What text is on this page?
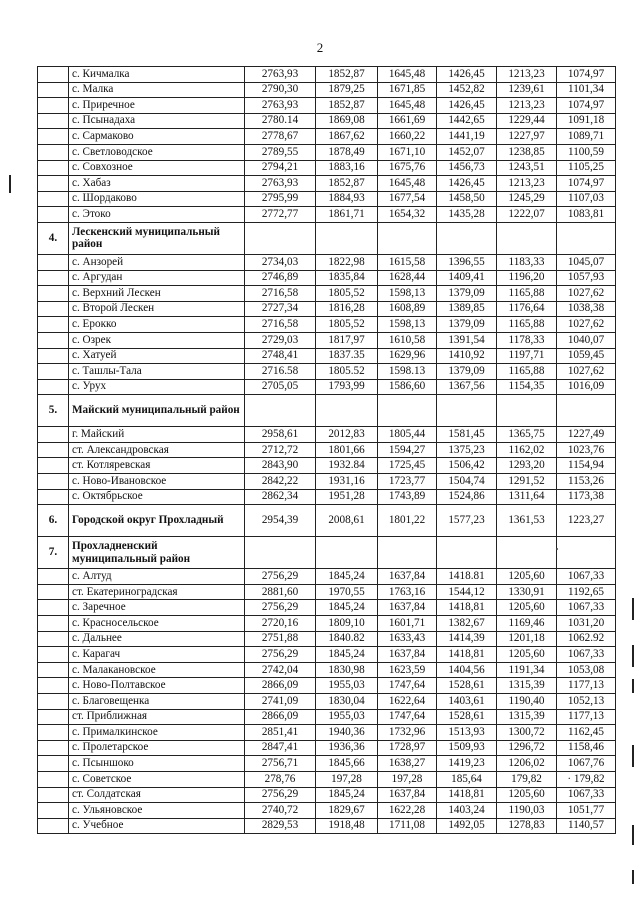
2
	с. Кичмалка	2763,93	1852,87	1645,48	1426,45	1213,23	1074,97
	с. Малка	2790,30	1879,25	1671,85	1452,82	1239,61	1101,34
	с. Приречное	2763,93	1852,87	1645,48	1426,45	1213,23	1074,97
	с. Псынадаха	2780.14	1869,08	1661,69	1442,65	1229,44	1091,18
	с. Сармаково	2778,67	1867,62	1660,22	1441,19	1227,97	1089,71
	с. Светловодское	2789,55	1878,49	1671,10	1452,07	1238,85	1100,59
	с. Совхозное	2794,21	1883,16	1675,76	1456,73	1243,51	1105,25
	с. Хабаз	2763,93	1852,87	1645,48	1426,45	1213,23	1074,97
	с. Шордаково	2795,99	1884,93	1677,54	1458,50	1245,29	1107,03
	с. Этоко	2772,77	1861,71	1654,32	1435,28	1222,07	1083,81
4.	Лескенский муниципальный район						
	с. Анзорей	2734,03	1822,98	1615,58	1396,55	1183,33	1045,07
	с. Аргудан	2746,89	1835,84	1628,44	1409,41	1196,20	1057,93
	с. Верхний Лескен	2716,58	1805,52	1598,13	1379,09	1165,88	1027,62
	с. Второй Лескен	2727,34	1816,28	1608,89	1389,85	1176,64	1038,38
	с. Ерокко	2716,58	1805,52	1598,13	1379,09	1165,88	1027,62
	с. Озрек	2729,03	1817,97	1610,58	1391,54	1178,33	1040,07
	с. Хатуей	2748,41	1837.35	1629,96	1410,92	1197,71	1059,45
	с. Ташлы-Тала	2716.58	1805.52	1598.13	1379,09	1165,88	1027,62
	с. Урух	2705,05	1793,99	1586,60	1367,56	1154,35	1016,09
5.	Майский муниципальный район						
	г. Майский	2958,61	2012,83	1805,44	1581,45	1365,75	1227,49
	ст. Александровская	2712,72	1801,66	1594,27	1375,23	1162,02	1023,76
	ст. Котляревская	2843,90	1932.84	1725,45	1506,42	1293,20	1154,94
	с. Ново-Ивановское	2842,22	1931,16	1723,77	1504,74	1291,52	1153,26
	с. Октябрьское	2862,34	1951,28	1743,89	1524,86	1311,64	1173,38
6.	Городской округ Прохладный	2954,39	2008,61	1801,22	1577,23	1361,53	1223,27
7.	Прохладненский муниципальный район						
	с. Алтуд	2756,29	1845,24	1637,84	1418.81	1205,60	1067,33
	ст. Екатериноградская	2881,60	1970,55	1763,16	1544,12	1330,91	1192,65
	с. Заречное	2756,29	1845,24	1637,84	1418,81	1205,60	1067,33
	с. Красносельское	2720,16	1809,10	1601,71	1382,67	1169,46	1031,20
	с. Дальнее	2751,88	1840.82	1633,43	1414,39	1201,18	1062.92
	с. Карагач	2756,29	1845,24	1637,84	1418,81	1205,60	1067,33
	с. Малакановское	2742,04	1830,98	1623,59	1404,56	1191,34	1053,08
	с. Ново-Полтавское	2866,09	1955,03	1747,64	1528,61	1315,39	1177,13
	с. Благовещенка	2741,09	1830,04	1622,64	1403,61	1190,40	1052,13
	ст. Приближная	2866,09	1955,03	1747,64	1528,61	1315,39	1177,13
	с. Прималкинское	2851,41	1940,36	1732,96	1513,93	1300,72	1162,45
	с. Пролетарское	2847,41	1936,36	1728,97	1509,93	1296,72	1158,46
	с. Псыншоко	2756,71	1845,66	1638,27	1419,23	1206,02	1067,76
	с. Советское	278,76	197,28	197,28	185,64	179,82	· 179,82
	ст. Солдатская	2756,29	1845,24	1637,84	1418,81	1205,60	1067,33
	с. Ульяновское	2740,72	1829,67	1622,28	1403,24	1190,03	1051,77
	с. Учебное	2829,53	1918,48	1711,08	1492,05	1278,83	1140,57
